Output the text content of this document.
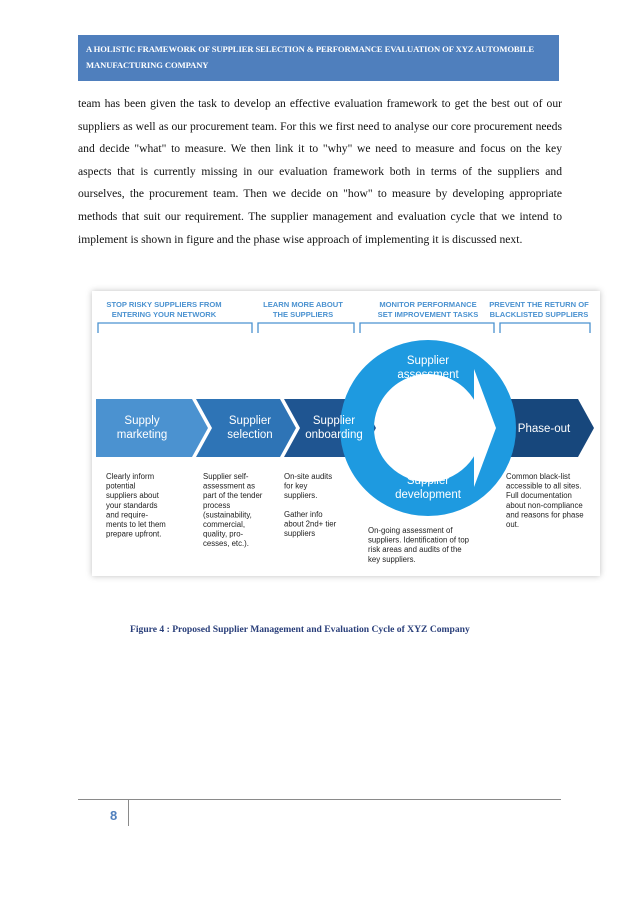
A HOLISTIC FRAMEWORK OF SUPPLIER SELECTION & PERFORMANCE EVALUATION OF XYZ AUTOMOBILE
MANUFACTURING COMPANY

team has been given the task to develop an effective evaluation framework to get the best out of our suppliers as well as our procurement team. For this we first need to analyse our core procurement needs and decide "what" to measure. We then link it to "why" we need to measure and focus on the key aspects that is currently missing in our evaluation framework both in terms of the suppliers and ourselves, the procurement team. Then we decide on "how" to measure by developing appropriate methods that suit our requirement. The supplier management and evaluation cycle that we intend to implement is shown in figure and the phase wise approach of implementing it is discussed next.

STOP RISKY SUPPLIERS FROM
ENTERING YOUR NETWORK
LEARN MORE ABOUT
THE SUPPLIERS
MONITOR PERFORMANCE
SET IMPROVEMENT TASKS
PREVENT THE RETURN OF
BLACKLISTED SUPPLIERS
Supply
marketing
Supplier
selection
Supplier
onboarding
Supplier
assessment
Supplier
development
Phase-out
Clearly inform
potential
suppliers about
your standards
and require-
ments to let them
prepare upfront.
Supplier self-
assessment as
part of the tender
process
(sustainability,
commercial,
quality, pro-
cesses, etc.).
On-site audits
for key
suppliers.
Gather info
about 2nd+ tier
suppliers	On-going assessment of
suppliers. Identification of top
risk areas and audits of the
key suppliers.
Common black-list
accessible to all sites.
Full documentation
about non-compliance
and reasons for phase
out.
Figure 4 : Proposed Supplier Management and Evaluation Cycle of XYZ Company
8
